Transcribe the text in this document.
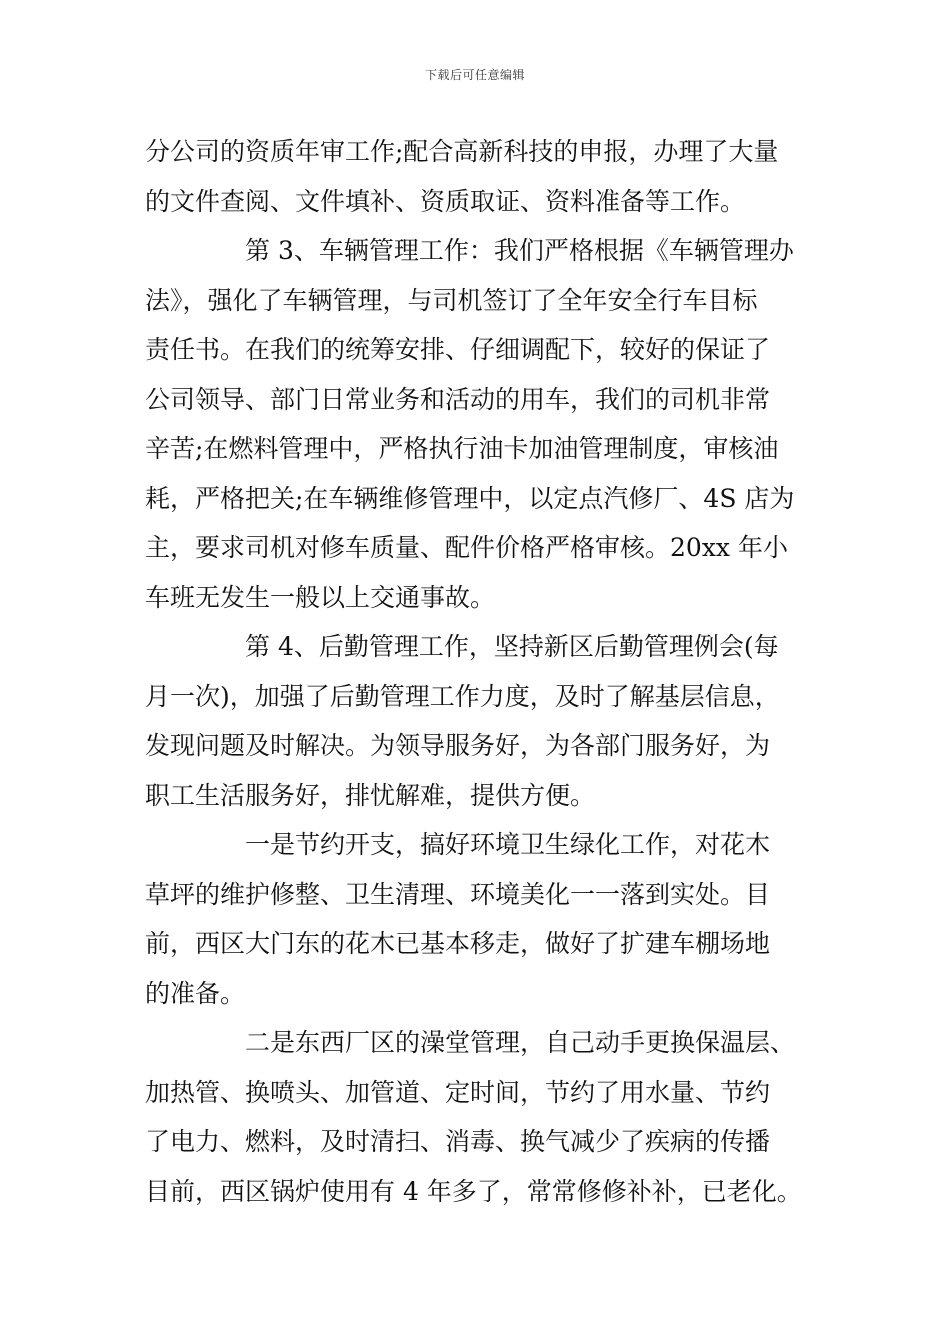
下载后可任意编辑
分公司的资质年审工作;配合高新科技的申报，办理了大量
的文件查阅、文件填补、资质取证、资料准备等工作。
第 3、车辆管理工作：我们严格根据《车辆管理办
法》，强化了车辆管理，与司机签订了全年安全行车目标
责任书。在我们的统筹安排、仔细调配下，较好的保证了
公司领导、部门日常业务和活动的用车，我们的司机非常
辛苦;在燃料管理中，严格执行油卡加油管理制度，审核油
耗，严格把关;在车辆维修管理中，以定点汽修厂、4S 店为
主，要求司机对修车质量、配件价格严格审核。20xx 年小
车班无发生一般以上交通事故。
第 4、后勤管理工作，坚持新区后勤管理例会(每
月一次)，加强了后勤管理工作力度，及时了解基层信息，
发现问题及时解决。为领导服务好，为各部门服务好，为
职工生活服务好，排忧解难，提供方便。
一是节约开支，搞好环境卫生绿化工作，对花木
草坪的维护修整、卫生清理、环境美化一一落到实处。目
前，西区大门东的花木已基本移走，做好了扩建车棚场地
的准备。
二是东西厂区的澡堂管理，自己动手更换保温层、
加热管、换喷头、加管道、定时间，节约了用水量、节约
了电力、燃料，及时清扫、消毒、换气减少了疾病的传播
目前，西区锅炉使用有 4 年多了，常常修修补补，已老化。
